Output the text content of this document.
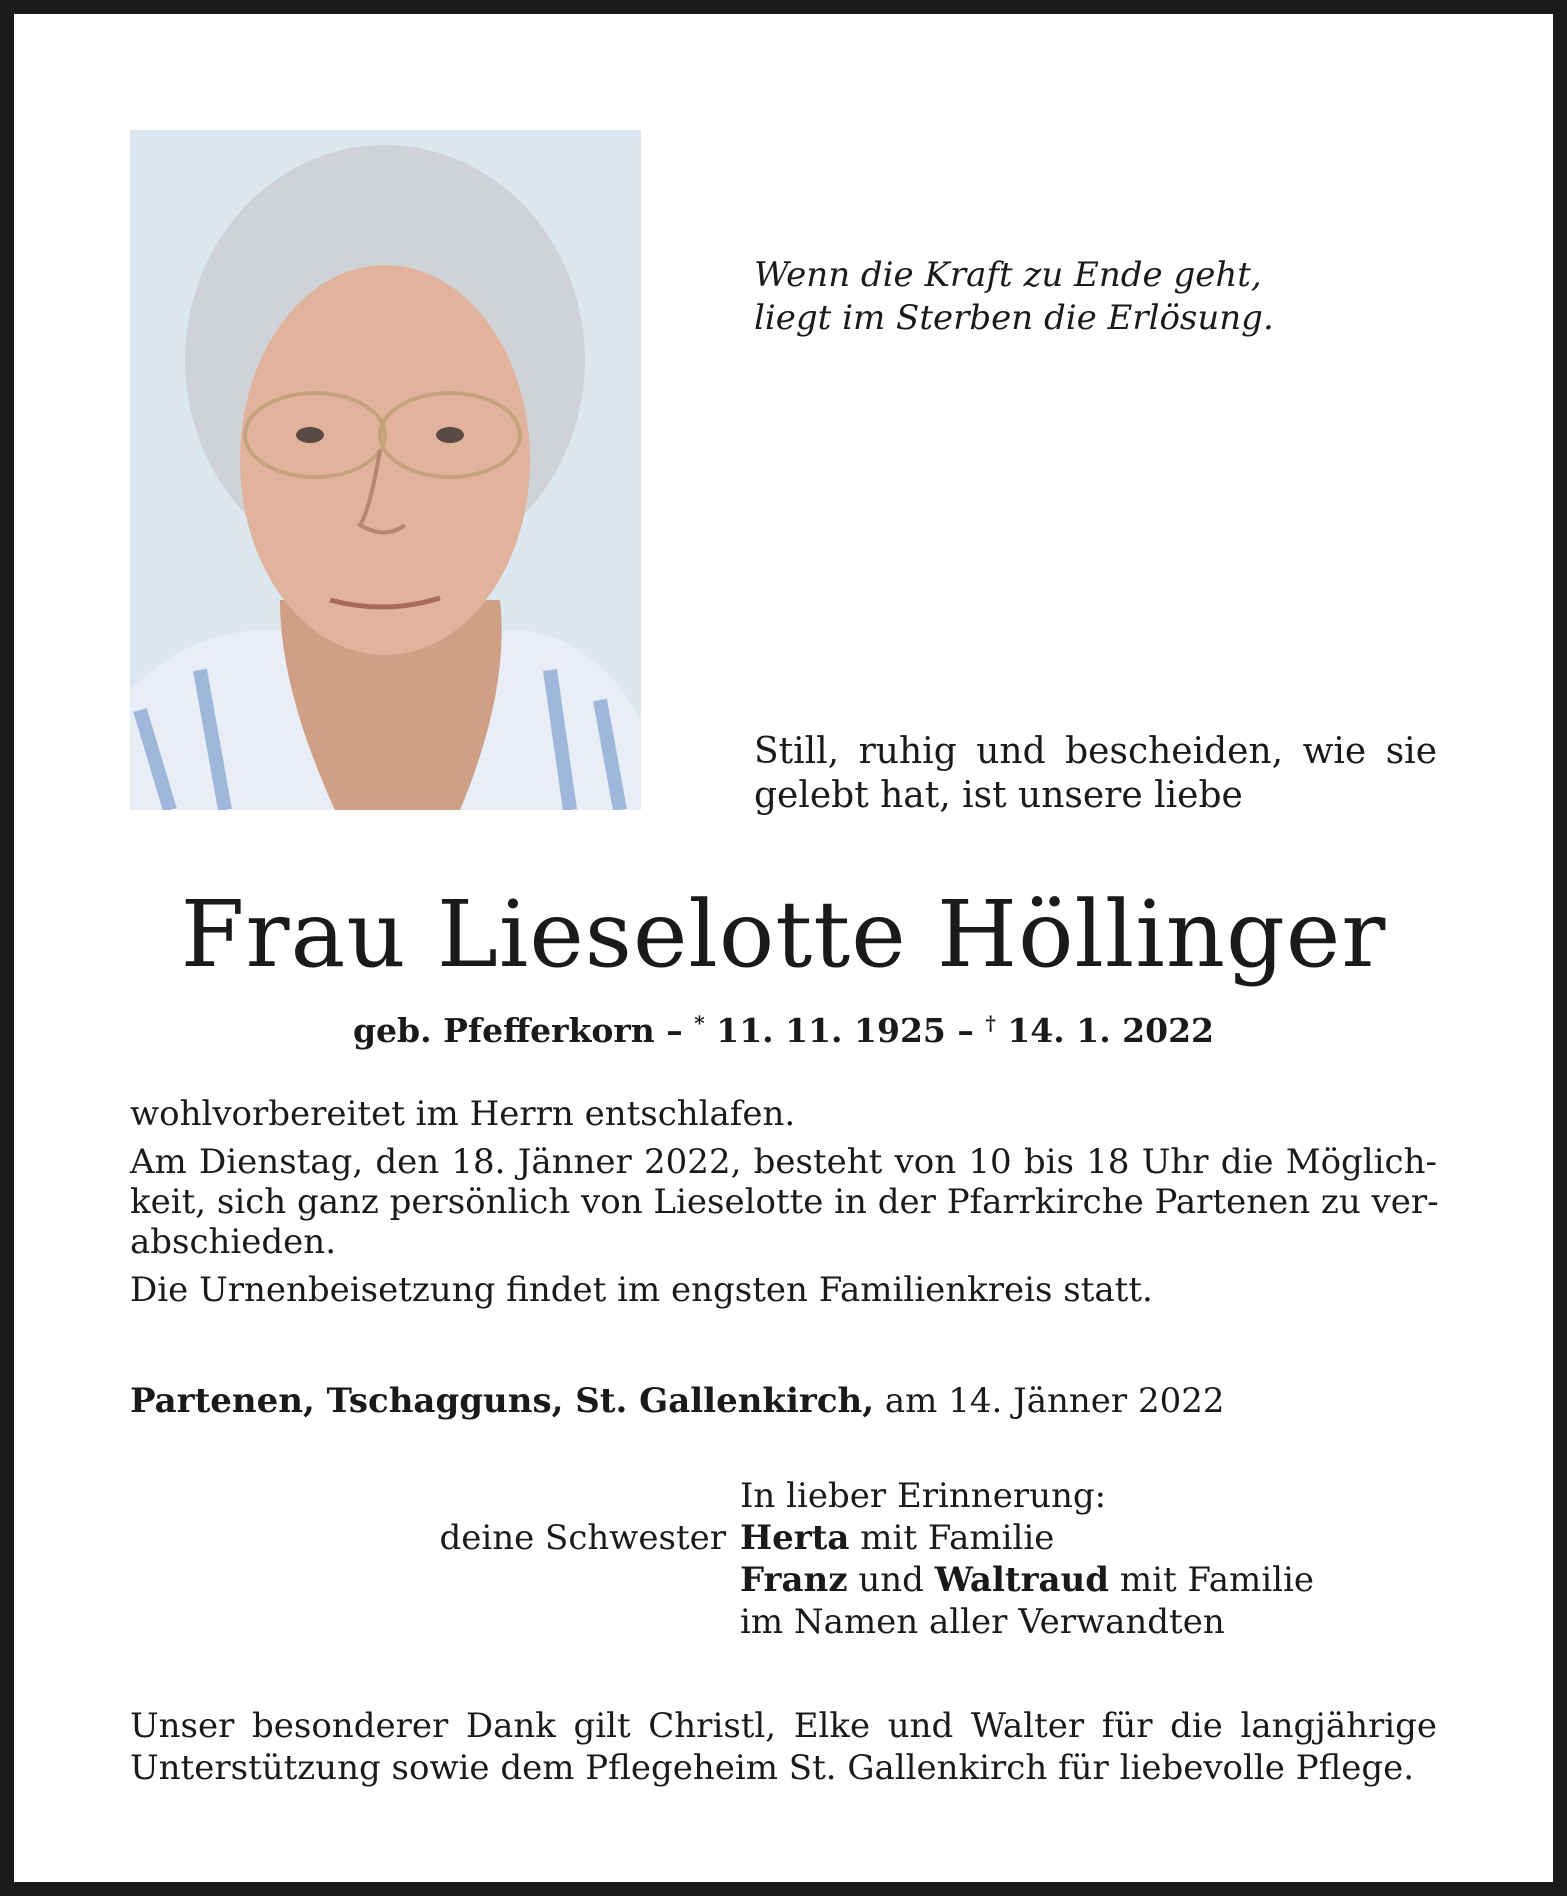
Wenn die Kraft zu Ende geht,
liegt im Sterben die Erlösung.
Still, ruhig und bescheiden, wie sie
gelebt hat, ist unsere liebe
Frau Lieselotte Höllinger
geb. Pfefferkorn – * 11. 11. 1925 – † 14. 1. 2022

wohlvorbereitet im Herrn entschlafen.

Am Dienstag, den 18. Jänner 2022, besteht von 10 bis 18 Uhr die Möglich-
keit, sich ganz persönlich von Lieselotte in der Pfarrkirche Partenen zu ver-
abschieden.

Die Urnenbeisetzung findet im engsten Familienkreis statt.

Partenen, Tschagguns, St. Gallenkirch, am 14. Jänner 2022
In lieber Erinnerung:
deine Schwester Herta mit Familie
Franz und Waltraud mit Familie
im Namen aller Verwandten
Unser besonderer Dank gilt Christl, Elke und Walter für die langjährige
Unterstützung sowie dem Pflegeheim St. Gallenkirch für liebevolle Pflege.
